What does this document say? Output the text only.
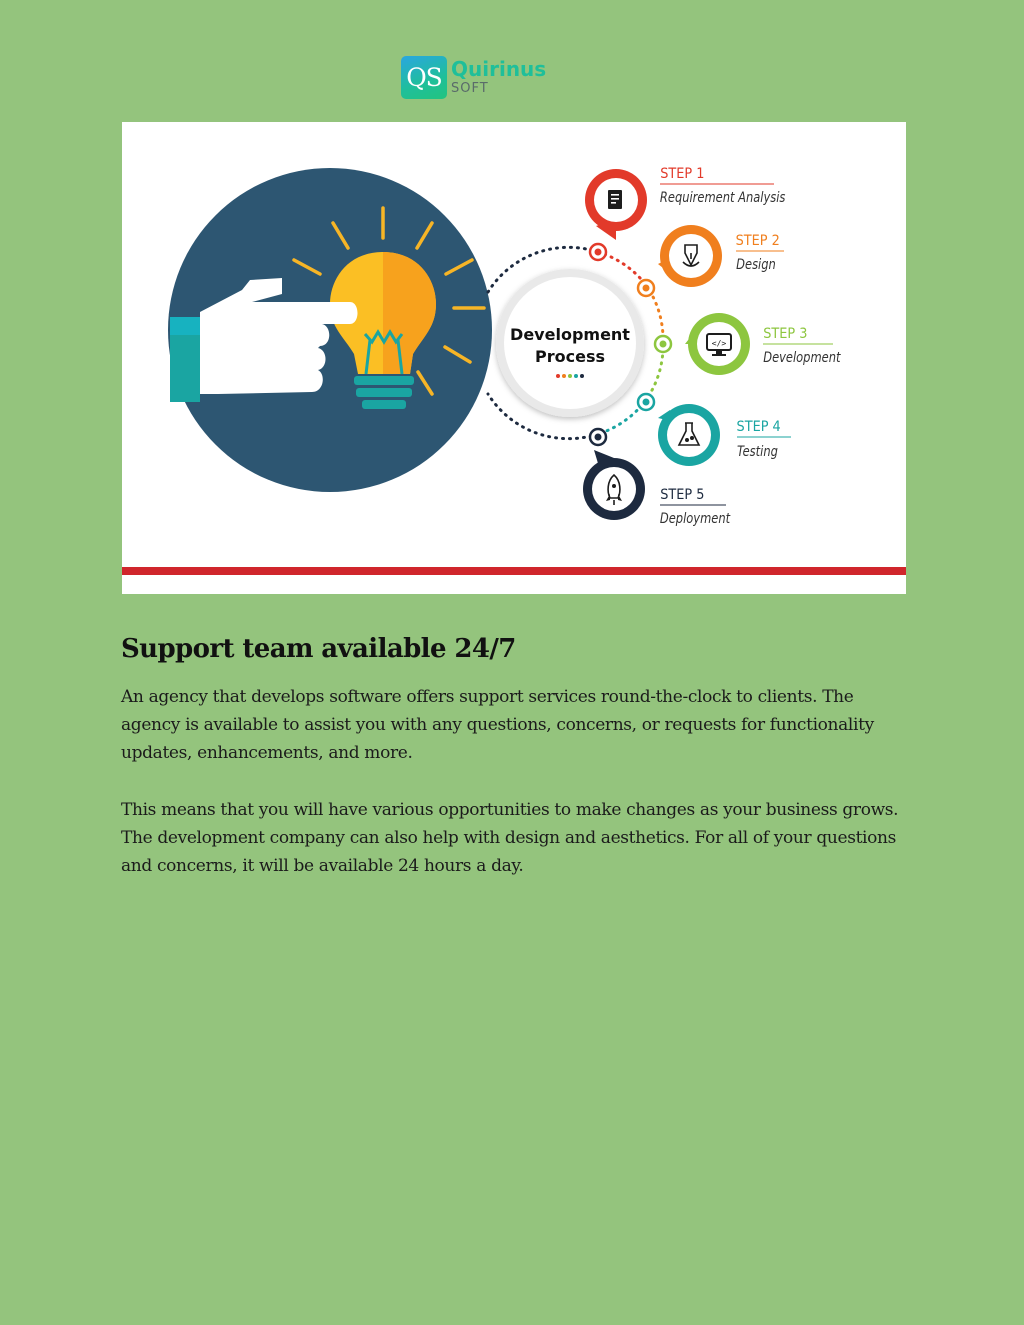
QS Quirinus
SOFT
Development
Process
STEP 1
Requirement Analysis
STEP 2
Design
</>
STEP 3
Development
STEP 4
Testing
STEP 5
Deployment
Support team available 24/7

An agency that develops software offers support services round-the-clock to clients. The agency is available to assist you with any questions, concerns, or requests for functionality updates, enhancements, and more.

This means that you will have various opportunities to make changes as your business grows. The development company can also help with design and aesthetics. For all of your questions and concerns, it will be available 24 hours a day.
